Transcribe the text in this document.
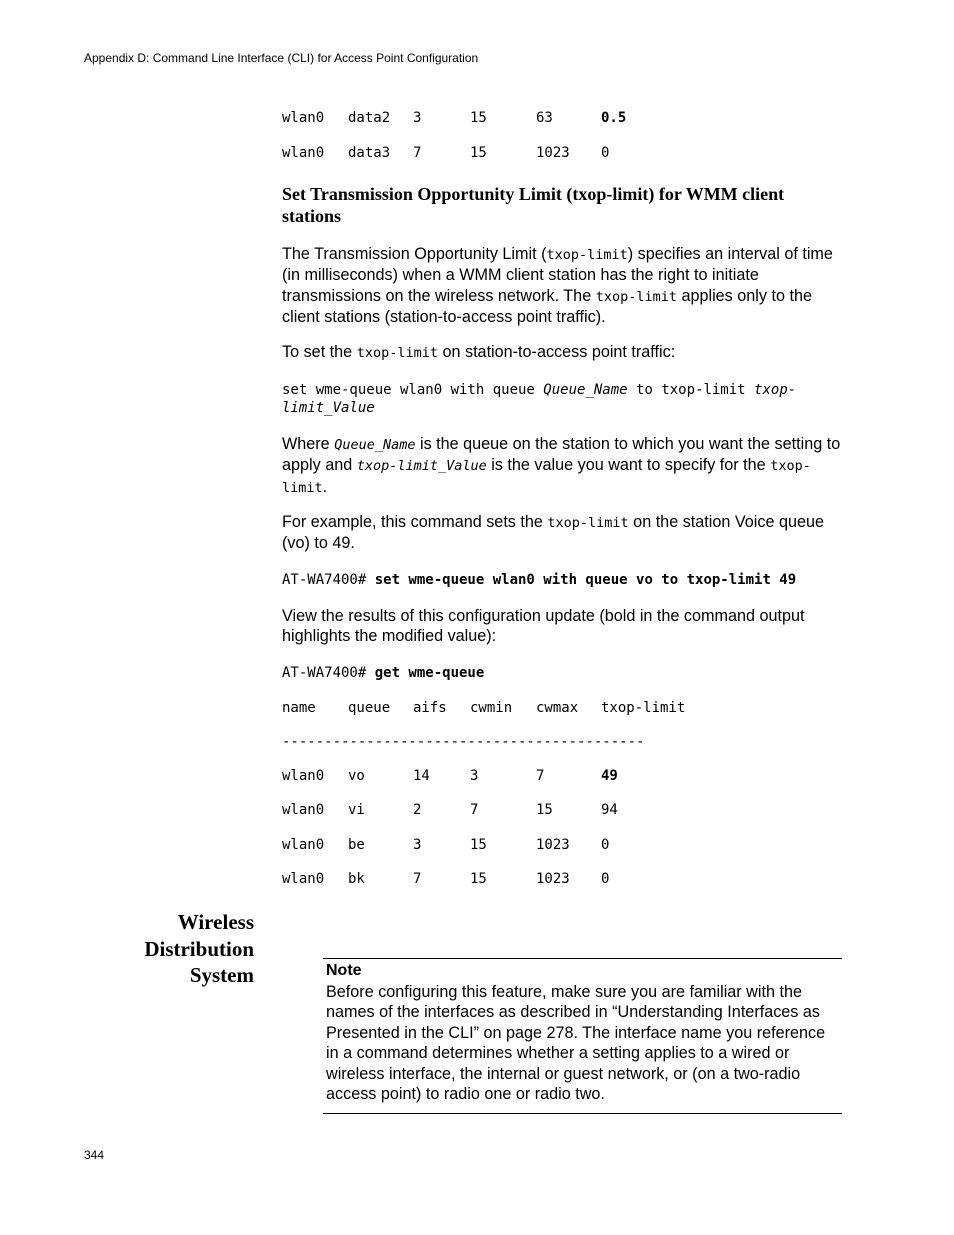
Appendix D: Command Line Interface (CLI) for Access Point Configuration
wlan0 data2 3	15	63	0.5
wlan0 data3 7	15	1023 0
Set Transmission Opportunity Limit (txop-limit) for WMM client stations
The Transmission Opportunity Limit (txop-limit) specifies an interval of time (in milliseconds) when a WMM client station has the right to initiate transmissions on the wireless network. The txop-limit applies only to the client stations (station-to-access point traffic).
To set the txop-limit on station-to-access point traffic:
set wme-queue wlan0 with queue Queue_Name to txop-limit txop-limit_Value
Where Queue_Name is the queue on the station to which you want the setting to apply and txop-limit_Value is the value you want to specify for the txop-limit.
For example, this command sets the txop-limit on the station Voice queue (vo) to 49.
AT-WA7400# set wme-queue wlan0 with queue vo to txop-limit 49
View the results of this configuration update (bold in the command output highlights the modified value):
AT-WA7400# get wme-queue
name queue aifs cwmin cwmax txop-limit
-------------------------------------------
wlan0 vo	14	3	7	49
wlan0 vi	2	7	15	94
wlan0 be	3	15	1023 0
wlan0 bk	7	15	1023 0
Wireless
Distribution
System	Note
Before configuring this feature, make sure you are familiar with the names of the interfaces as described in “Understanding Interfaces as Presented in the CLI” on page 278. The interface name you reference in a command determines whether a setting applies to a wired or wireless interface, the internal or guest network, or (on a two-radio access point) to radio one or radio two.
344
